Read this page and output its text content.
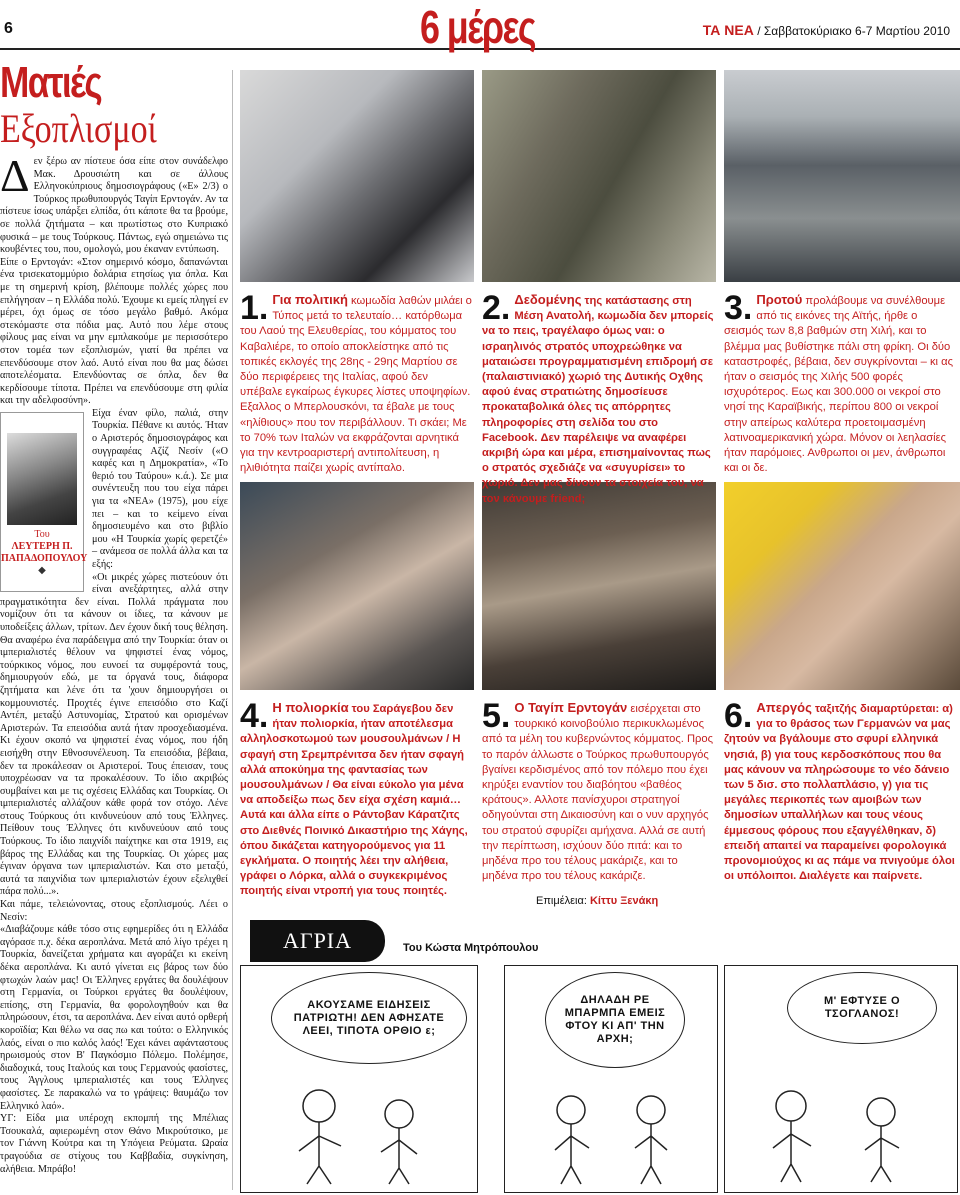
6	6 μέρες	ΤΑ ΝΕΑ / Σαββατοκύριακο 6-7 Μαρτίου 2010
Ματιές
Εξοπλισμοί
Δ εν ξέρω αν πίστευε όσα είπε στον συνάδελφο Μακ. Δρουσιώτη και σε άλλους Ελληνοκύπριους δημοσιογράφους («Ε» 2/3) ο Τούρκος πρωθυπουργός Ταγίπ Ερντογάν. Αν τα πίστευε ίσως υπάρξει ελπίδα, ότι κάποτε θα τα βρούμε, σε πολλά ζητήματα – και πρωτίστως στο Κυπριακό φυσικά – με τους Τούρκους. Πάντως, εγώ σημειώνω τις κουβέντες του, που, ομολογώ, μου έκαναν εντύπωση.

Είπε ο Ερντογάν: «Στον σημερινό κόσμο, δαπανώνται ένα τρισεκατομμύριο δολάρια ετησίως για όπλα. Και με τη σημερινή κρίση, βλέπουμε πολλές χώρες που επλήγησαν – η Ελλάδα πολύ. Έχουμε κι εμείς πληγεί εν μέρει, όχι όμως σε τόσο μεγάλο βαθμό. Ακόμα στεκόμαστε στα πόδια μας. Αυτό που λέμε στους φίλους μας είναι να μην εμπλακούμε με περισσότερο στον τομέα των εξοπλισμών, γιατί θα πρέπει να επενδύσουμε στον λαό. Αυτό είναι που θα μας δώσει αποτελέσματα. Επενδύοντας σε όπλα, δεν θα κερδίσουμε τίποτα. Πρέπει να επενδύσουμε στη φιλία και την αδελφοσύνη».

Του
ΛΕΥΤΕΡΗ Π. ΠΑΠΑΔΟΠΟΥΛΟΥ
◆

Είχα έναν φίλο, παλιά, στην Τουρκία. Πέθανε κι αυτός. Ήταν ο Αριστερός δημοσιογράφος και συγγραφέας Αζίζ Νεσίν («Ο καφές και η Δημοκρατία», «Το θεριό του Ταύρου» κ.ά.). Σε μια συνέντευξη που του είχα πάρει για τα «ΝΕΑ» (1975), μου είχε πει – και το κείμενο είναι δημοσιευμένο και στο βιβλίο μου «Η Τουρκία χωρίς φερετζέ» – ανάμεσα σε πολλά άλλα και τα εξής:

«Οι μικρές χώρες πιστεύουν ότι είναι ανεξάρτητες, αλλά στην πραγματικότητα δεν είναι. Πολλά πράγματα που νομίζουν ότι τα κάνουν οι ίδιες, τα κάνουν με υποδείξεις άλλων, τρίτων. Δεν έχουν δική τους θέληση. Θα αναφέρω ένα παράδειγμα από την Τουρκία: όταν οι ιμπεριαλιστές θέλουν να ψηφιστεί ένας νόμος, τούρκικος νόμος, που ευνοεί τα συμφέροντά τους, δημιουργούν εδώ, με τα όργανά τους, διάφορα ζητήματα και λένε ότι τα 'χουν δημιουργήσει οι κομμουνιστές. Προχτές έγινε επεισόδιο στο Καζί Αντέπ, μεταξύ Αστυνομίας, Στρατού και ορισμένων Αριστερών. Τα επεισόδια αυτά ήταν προσχεδιασμένα. Κι έχουν σκοπό να ψηφιστεί ένας νόμος, που ήδη εισήχθη στην Εθνοσυνέλευση. Τα επεισόδια, βέβαια, δεν τα προκάλεσαν οι Αριστεροί. Τους έπεισαν, τους υποχρέωσαν να τα προκαλέσουν. Το ίδιο ακριβώς συμβαίνει και με τις σχέσεις Ελλάδας και Τουρκίας. Οι ιμπεριαλιστές αλλάζουν κάθε φορά τον στόχο. Λένε στους Τούρκους ότι κινδυνεύουν από τους Έλληνες. Πείθουν τους Έλληνες ότι κινδυνεύουν από τους Τούρκους. Το ίδιο παιχνίδι παίχτηκε και στα 1919, εις βάρος της Ελλάδας και της Τουρκίας. Οι χώρες μας έγιναν όργανα των ιμπεριαλιστών. Και στο μεταξύ, αυτά τα παιχνίδια των ιμπεριαλιστών έχουν εξελιχθεί πάρα πολύ...».

Και πάμε, τελειώνοντας, στους εξοπλισμούς. Λέει ο Νεσίν:

«Διαβάζουμε κάθε τόσο στις εφημερίδες ότι η Ελλάδα αγόρασε π.χ. δέκα αεροπλάνα. Μετά από λίγο τρέχει η Τουρκία, δανείζεται χρήματα και αγοράζει κι εκείνη δέκα αεροπλάνα. Κι αυτό γίνεται εις βάρος των δύο φτωχών λαών μας! Οι Έλληνες εργάτες θα δουλέψουν στη Γερμανία, οι Τούρκοι εργάτες θα δουλέψουν, επίσης, στη Γερμανία, θα φορολογηθούν και θα πληρώσουν, έτσι, τα αεροπλάνα. Δεν είναι αυτό ορθερή κοροϊδία; Και θέλω να σας πω και τούτο: ο Ελληνικός λαός, είναι ο πιο καλός λαός! Έχει κάνει αφάνταστους ηρωισμούς στον Β' Παγκόσμιο Πόλεμο. Πολέμησε, διαδοχικά, τους Ιταλούς και τους Γερμανούς φασίστες, τους Άγγλους ιμπεριαλιστές και τους Έλληνες φασίστες. Σε παρακαλώ να το γράψεις: θαυμάζω τον Ελληνικό λαό».

ΥΓ: Είδα μια υπέροχη εκπομπή της Μπέλιας Τσουκαλά, αφιερωμένη στον Θάνο Μικρούτσικο, με τον Γιάννη Κούτρα και τη Υπόγεια Ρεύματα. Ωραία τραγούδια σε στίχους του Καββαδία, συγκίνηση, αλήθεια. Μπράβο!

1. Για πολιτική κωμωδία λαθών μιλάει ο Τύπος μετά το τελευταίο… κατόρθωμα του Λαού της Ελευθερίας, του κόμματος του Καβαλιέρε, το οποίο αποκλείστηκε από τις τοπικές εκλογές της 28ης - 29ης Μαρτίου σε δύο περιφέρειες της Ιταλίας, αφού δεν υπέβαλε εγκαίρως έγκυρες λίστες υποψηφίων. Εξαλλος ο Μπερλουσκόνι, τα έβαλε με τους «ηλίθιους» που τον περιβάλλουν. Τι σκάει; Με το 70% των Ιταλών να εκφράζονται αρνητικά για την κεντροαριστερή αντιπολίτευση, η ηλιθιότητα παίζει χωρίς αντίπαλο.
2. Δεδομένης της κατάστασης στη Μέση Ανατολή, κωμωδία δεν μπορείς να το πεις, τραγέλαφο όμως ναι: ο ισραηλινός στρατός υποχρεώθηκε να ματαιώσει προγραμματισμένη επιδρομή σε (παλαιστινιακό) χωριό της Δυτικής Οχθης αφού ένας στρατιώτης δημοσίευσε προκαταβολικά όλες τις απόρρητες πληροφορίες στη σελίδα του στο Facebook. Δεν παρέλειψε να αναφέρει ακριβή ώρα και μέρα, επισημαίνοντας πως ο στρατός σχεδιάζε να «συγυρίσει» το χωριό. Δεν μας δίνουν τα στοιχεία του, να τον κάνουμε friend;
3. Προτού προλάβουμε να συνέλθουμε από τις εικόνες της Αϊτής, ήρθε ο σεισμός των 8,8 βαθμών στη Χιλή, και το βλέμμα μας βυθίστηκε πάλι στη φρίκη. Οι δύο καταστροφές, βέβαια, δεν συγκρίνονται – κι ας ήταν ο σεισμός της Χιλής 500 φορές ισχυρότερος. Εως και 300.000 οι νεκροί στο νησί της Καραϊβικής, περίπου 800 οι νεκροί στην απείρως καλύτερα προετοιμασμένη λατινοαμερικανική χώρα. Μόνον οι λεηλασίες ήταν παρόμοιες. Ανθρωποι οι μεν, άνθρωποι και οι δε.
4. Η πολιορκία του Σαράγεβου δεν ήταν πολιορκία, ήταν αποτέλεσμα αλληλοσκοτωμού των μουσουλμάνων / Η σφαγή στη Σρεμπρένιτσα δεν ήταν σφαγή αλλά αποκύημα της φαντασίας των μουσουλμάνων / Θα είναι εύκολο για μένα να αποδείξω πως δεν είχα σχέση καμιά… Αυτά και άλλα είπε ο Ράντοβαν Κάρατζιτς στο Διεθνές Ποινικό Δικαστήριο της Χάγης, όπου δικάζεται κατηγορούμενος για 11 εγκλήματα. Ο ποιητής λέει την αλήθεια, γράφει ο Λόρκα, αλλά ο συγκεκριμένος ποιητής είναι ντροπή για τους ποιητές.
5. Ο Ταγίπ Ερντογάν εισέρχεται στο τουρκικό κοινοβούλιο περικυκλωμένος από τα μέλη του κυβερνώντος κόμματος. Προς το παρόν άλλωστε ο Τούρκος πρωθυπουργός βγαίνει κερδισμένος από τον πόλεμο που έχει κηρύξει εναντίον του διαβόητου «βαθέος κράτους». Αλλοτε πανίσχυροι στρατηγοί οδηγούνται στη Δικαιοσύνη και ο νυν αρχηγός του στρατού σφυρίζει αμήχανα. Αλλά σε αυτή την περίπτωση, ισχύουν δύο πιτά: και το μηδένα προ του τέλους μακάριζε, και το μηδένα προ του τέλους κακάριζε.
6. Απεργός ταξιτζής διαμαρτύρεται: α) για το θράσος των Γερμανών να μας ζητούν να βγάλουμε στο σφυρί ελληνικά νησιά, β) για τους κερδοσκόπους που θα μας κάνουν να πληρώσουμε το νέο δάνειο των 5 δισ. στο πολλαπλάσιο, γ) για τις μεγάλες περικοπές των αμοιβών των δημοσίων υπαλλήλων και τους νέους έμμεσους φόρους που εξαγγέλθηκαν, δ) επειδή απαιτεί να παραμείνει φορολογικά προνομιούχος κι ας πάμε να πνιγούμε όλοι οι υπόλοιποι. Διαλέγετε και παίρνετε.
Επιμέλεια: Κίττυ Ξενάκη
ΑΓΡΙΑ	Του Κώστα Μητρόπουλου
ΑΚΟΥΣΑΜΕ ΕΙΔΗΣΕΙΣ ΠΑΤΡΙΩΤΗ! ΔΕΝ ΑΦΗΣΑΤΕ ΛΕΕΙ, ΤΙΠΟΤΑ ΟΡΘΙΟ ε;
ΔΗΛΑΔΗ ΡΕ ΜΠΑΡΜΠΑ ΕΜΕΙΣ ΦΤΟΥ ΚΙ ΑΠ' ΤΗΝ ΑΡΧΗ;
Μ' ΕΦΤΥΣΕ Ο ΤΣΟΓΛΑΝΟΣ!
